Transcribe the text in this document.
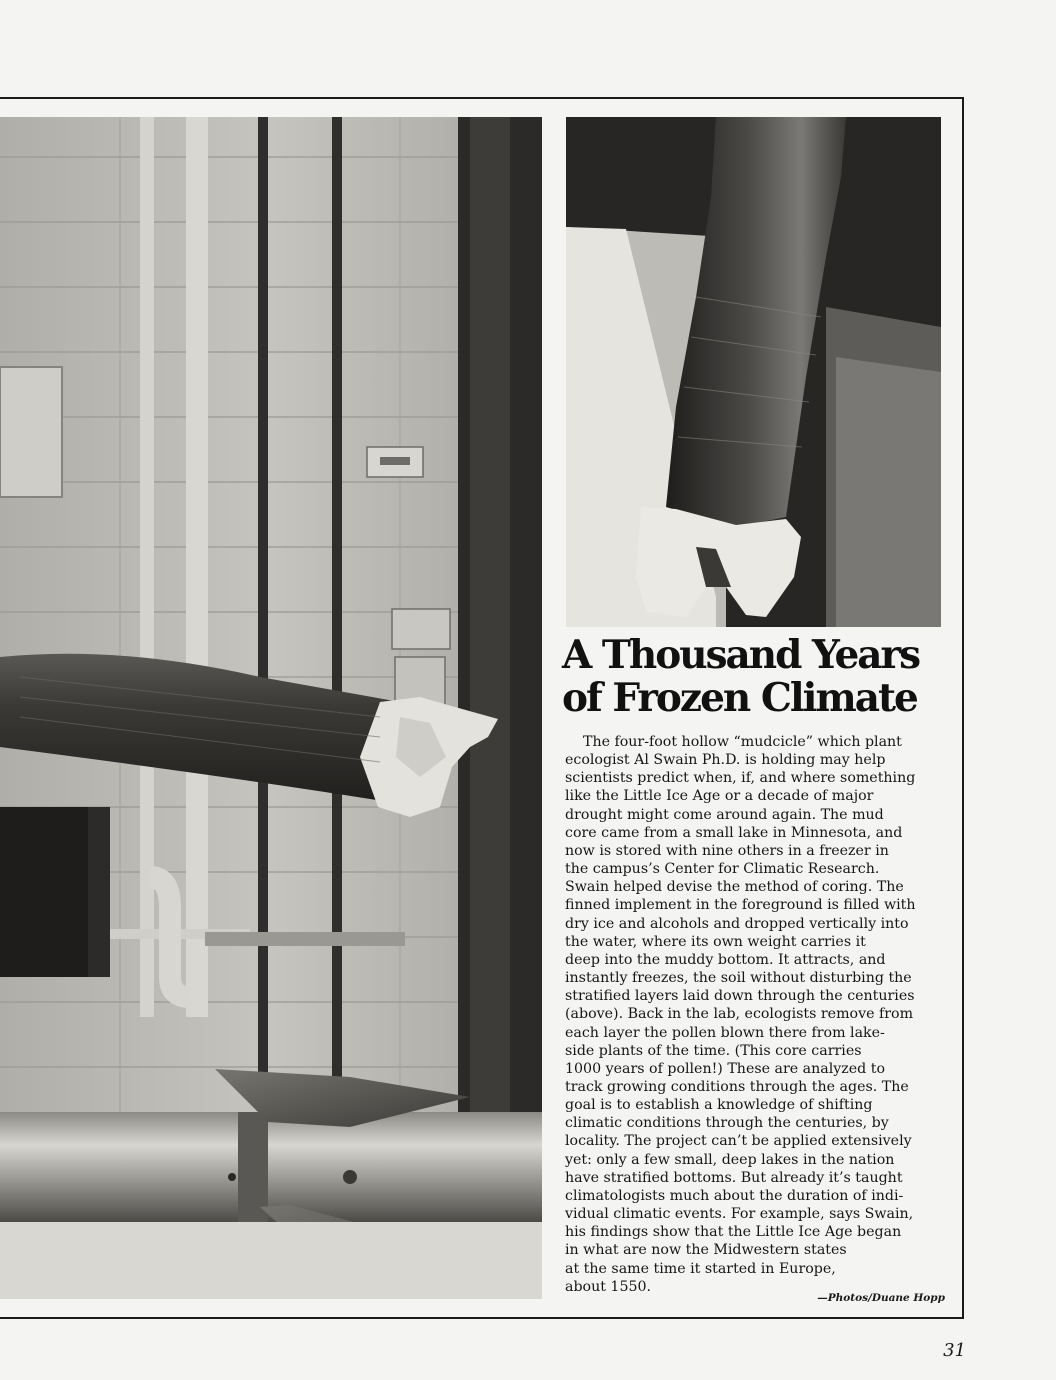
A Thousand Years
of Frozen Climate
The four-foot hollow “mudcicle” which plant
ecologist Al Swain Ph.D. is holding may help
scientists predict when, if, and where something
like the Little Ice Age or a decade of major
drought might come around again. The mud
core came from a small lake in Minnesota, and
now is stored with nine others in a freezer in
the campus’s Center for Climatic Research.
Swain helped devise the method of coring. The
finned implement in the foreground is filled with
dry ice and alcohols and dropped vertically into
the water, where its own weight carries it
deep into the muddy bottom. It attracts, and
instantly freezes, the soil without disturbing the
stratified layers laid down through the centuries
(above). Back in the lab, ecologists remove from
each layer the pollen blown there from lake-
side plants of the time. (This core carries
1000 years of pollen!) These are analyzed to
track growing conditions through the ages. The
goal is to establish a knowledge of shifting
climatic conditions through the centuries, by
locality. The project can’t be applied extensively
yet: only a few small, deep lakes in the nation
have stratified bottoms. But already it’s taught
climatologists much about the duration of indi-
vidual climatic events. For example, says Swain,
his findings show that the Little Ice Age began
in what are now the Midwestern states
at the same time it started in Europe,
about 1550.
—Photos/Duane Hopp
31
